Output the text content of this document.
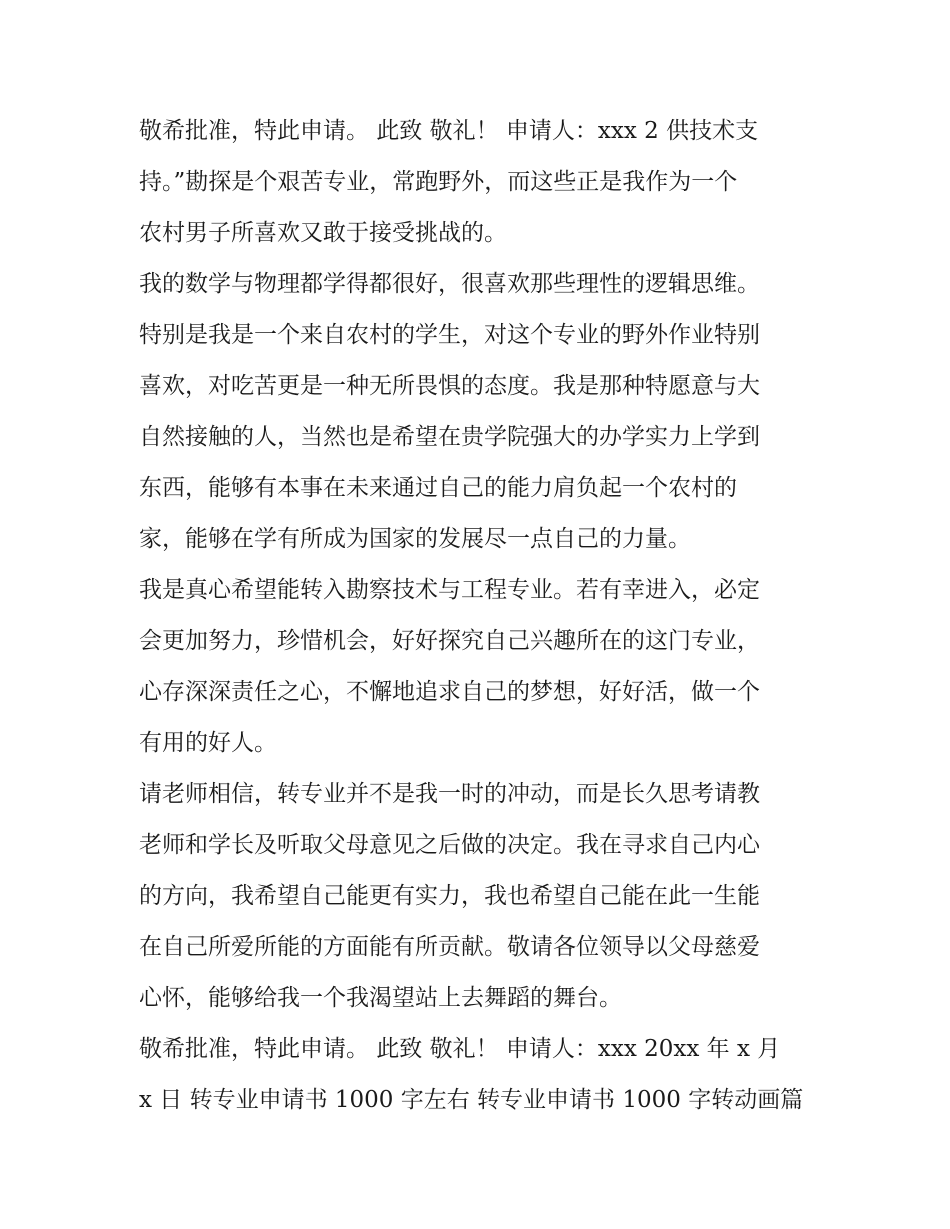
敬希批准，特此申请。 此致 敬礼！ 申请人：xxx 2 供技术支
持。”勘探是个艰苦专业，常跑野外，而这些正是我作为一个
农村男子所喜欢又敢于接受挑战的。
我的数学与物理都学得都很好，很喜欢那些理性的逻辑思维。
特别是我是一个来自农村的学生，对这个专业的野外作业特别
喜欢，对吃苦更是一种无所畏惧的态度。我是那种特愿意与大
自然接触的人，当然也是希望在贵学院强大的办学实力上学到
东西，能够有本事在未来通过自己的能力肩负起一个农村的
家，能够在学有所成为国家的发展尽一点自己的力量。
我是真心希望能转入勘察技术与工程专业。若有幸进入，必定
会更加努力，珍惜机会，好好探究自己兴趣所在的这门专业，
心存深深责任之心，不懈地追求自己的梦想，好好活，做一个
有用的好人。
请老师相信，转专业并不是我一时的冲动，而是长久思考请教
老师和学长及听取父母意见之后做的决定。我在寻求自己内心
的方向，我希望自己能更有实力，我也希望自己能在此一生能
在自己所爱所能的方面能有所贡献。敬请各位领导以父母慈爱
心怀，能够给我一个我渴望站上去舞蹈的舞台。
敬希批准，特此申请。 此致 敬礼！ 申请人：xxx 20xx 年 x 月
x 日 转专业申请书 1000 字左右 转专业申请书 1000 字转动画篇
